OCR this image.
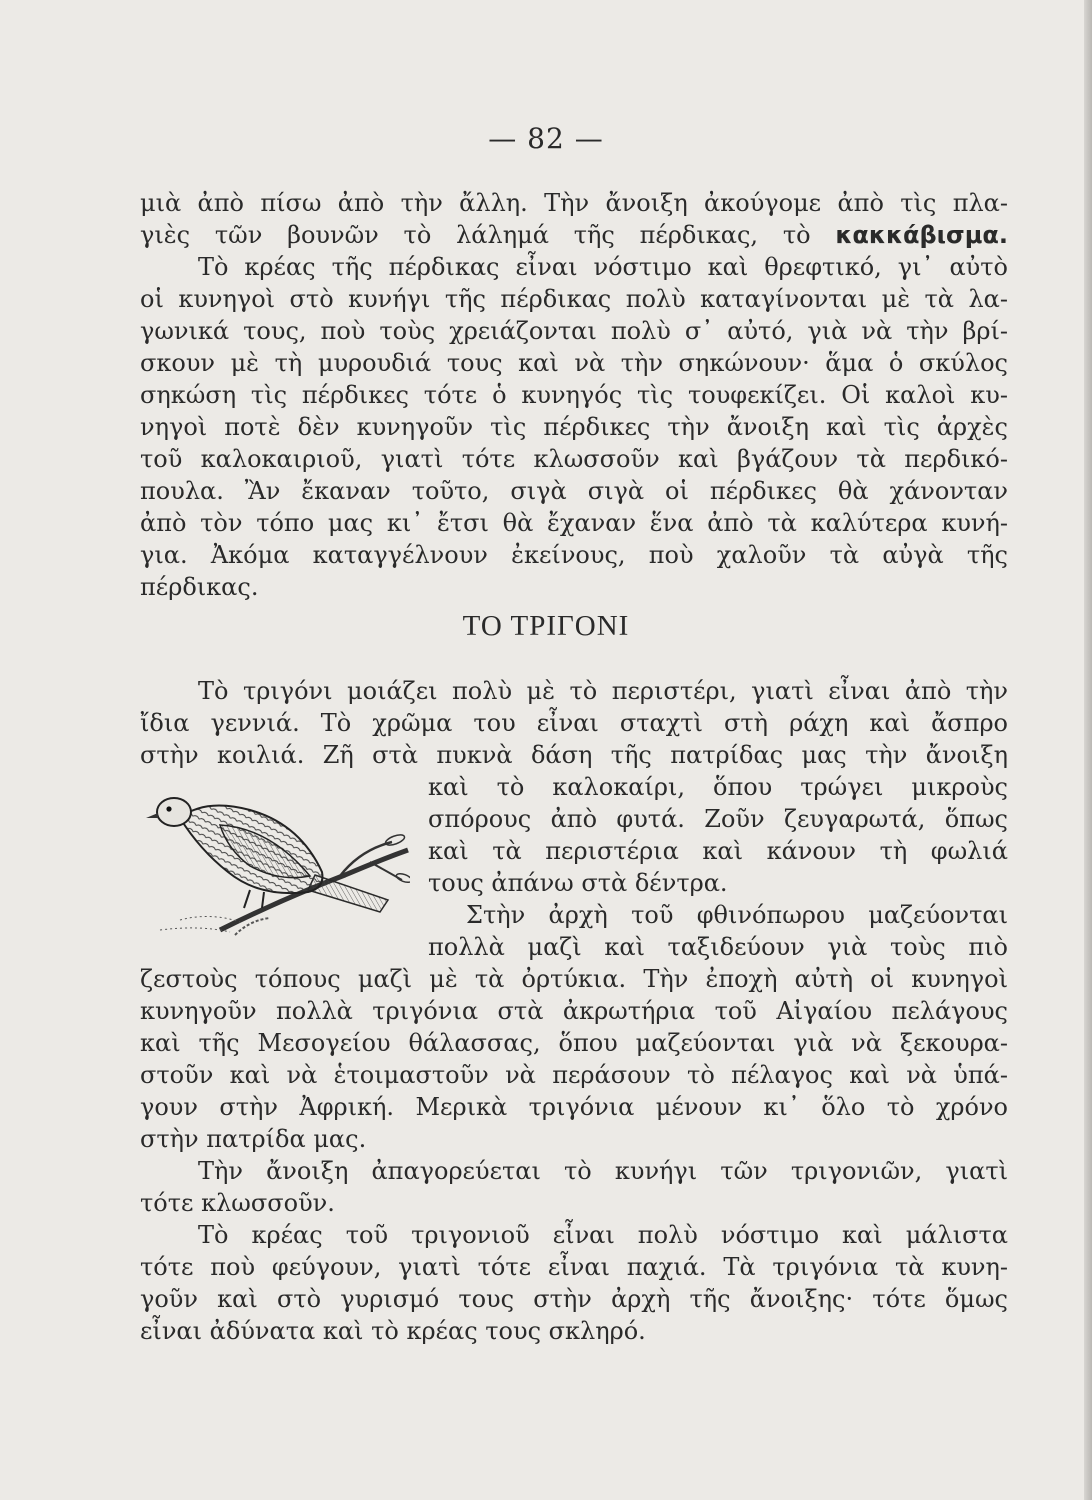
— 82 —
μιὰ ἀπὸ πίσω ἀπὸ τὴν ἄλλη. Τὴν ἄνοιξη ἀκούγομε ἀπὸ τὶς πλα-
γιὲς τῶν βουνῶν τὸ λάλημά τῆς πέρδικας, τὸ κακκάβισμα.
Τὸ κρέας τῆς πέρδικας εἶναι νόστιμο καὶ θρεφτικό, γι᾽ αὐτὸ
οἱ κυνηγοὶ στὸ κυνήγι τῆς πέρδικας πολὺ καταγίνονται μὲ τὰ λα-
γωνικά τους, ποὺ τοὺς χρειάζονται πολὺ σ᾽ αὐτό, γιὰ νὰ τὴν βρί-
σκουν μὲ τὴ μυρουδιά τους καὶ νὰ τὴν σηκώνουν· ἅμα ὁ σκύλος
σηκώση τὶς πέρδικες τότε ὁ κυνηγός τὶς τουφεκίζει. Οἱ καλοὶ κυ-
νηγοὶ ποτὲ δὲν κυνηγοῦν τὶς πέρδικες τὴν ἄνοιξη καὶ τὶς ἀρχὲς
τοῦ καλοκαιριοῦ, γιατὶ τότε κλωσσοῦν καὶ βγάζουν τὰ περδικό-
πουλα. Ἂν ἔκαναν τοῦτο, σιγὰ σιγὰ οἱ πέρδικες θὰ χάνονταν
ἀπὸ τὸν τόπο μας κι᾽ ἔτσι θὰ ἔχαναν ἕνα ἀπὸ τὰ καλύτερα κυνή-
για. Ἀκόμα καταγγέλνουν ἐκείνους, ποὺ χαλοῦν τὰ αὐγὰ τῆς
πέρδικας.
ΤΟ ΤΡΙΓΟΝΙ
Τὸ τριγόνι μοιάζει πολὺ μὲ τὸ περιστέρι, γιατὶ εἶναι ἀπὸ τὴν
ἴδια γεννιά. Τὸ χρῶμα του εἶναι σταχτὶ στὴ ράχη καὶ ἄσπρο
στὴν κοιλιά. Ζῆ στὰ πυκνὰ δάση τῆς πατρίδας μας τὴν ἄνοιξη
καὶ τὸ καλοκαίρι, ὅπου τρώγει μικροὺς
σπόρους ἀπὸ φυτά. Ζοῦν ζευγαρωτά, ὅπως
καὶ τὰ περιστέρια καὶ κάνουν τὴ φωλιά
τους ἀπάνω στὰ δέντρα.
Στὴν ἀρχὴ τοῦ φθινόπωρου μαζεύονται
πολλὰ μαζὶ καὶ ταξιδεύουν γιὰ τοὺς πιὸ
ζεστοὺς τόπους μαζὶ μὲ τὰ ὀρτύκια. Τὴν ἐποχὴ αὐτὴ οἱ κυνηγοὶ
κυνηγοῦν πολλὰ τριγόνια στὰ ἀκρωτήρια τοῦ Αἰγαίου πελάγους
καὶ τῆς Μεσογείου θάλασσας, ὅπου μαζεύονται γιὰ νὰ ξεκουρα-
στοῦν καὶ νὰ ἑτοιμαστοῦν νὰ περάσουν τὸ πέλαγος καὶ νὰ ὑπά-
γουν στὴν Ἀφρική. Μερικὰ τριγόνια μένουν κι᾽ ὅλο τὸ χρόνο
στὴν πατρίδα μας.
Τὴν ἄνοιξη ἀπαγορεύεται τὸ κυνήγι τῶν τριγονιῶν, γιατὶ
τότε κλωσσοῦν.
Τὸ κρέας τοῦ τριγονιοῦ εἶναι πολὺ νόστιμο καὶ μάλιστα
τότε ποὺ φεύγουν, γιατὶ τότε εἶναι παχιά. Τὰ τριγόνια τὰ κυνη-
γοῦν καὶ στὸ γυρισμό τους στὴν ἀρχὴ τῆς ἄνοιξης· τότε ὅμως
εἶναι ἀδύνατα καὶ τὸ κρέας τους σκληρό.
